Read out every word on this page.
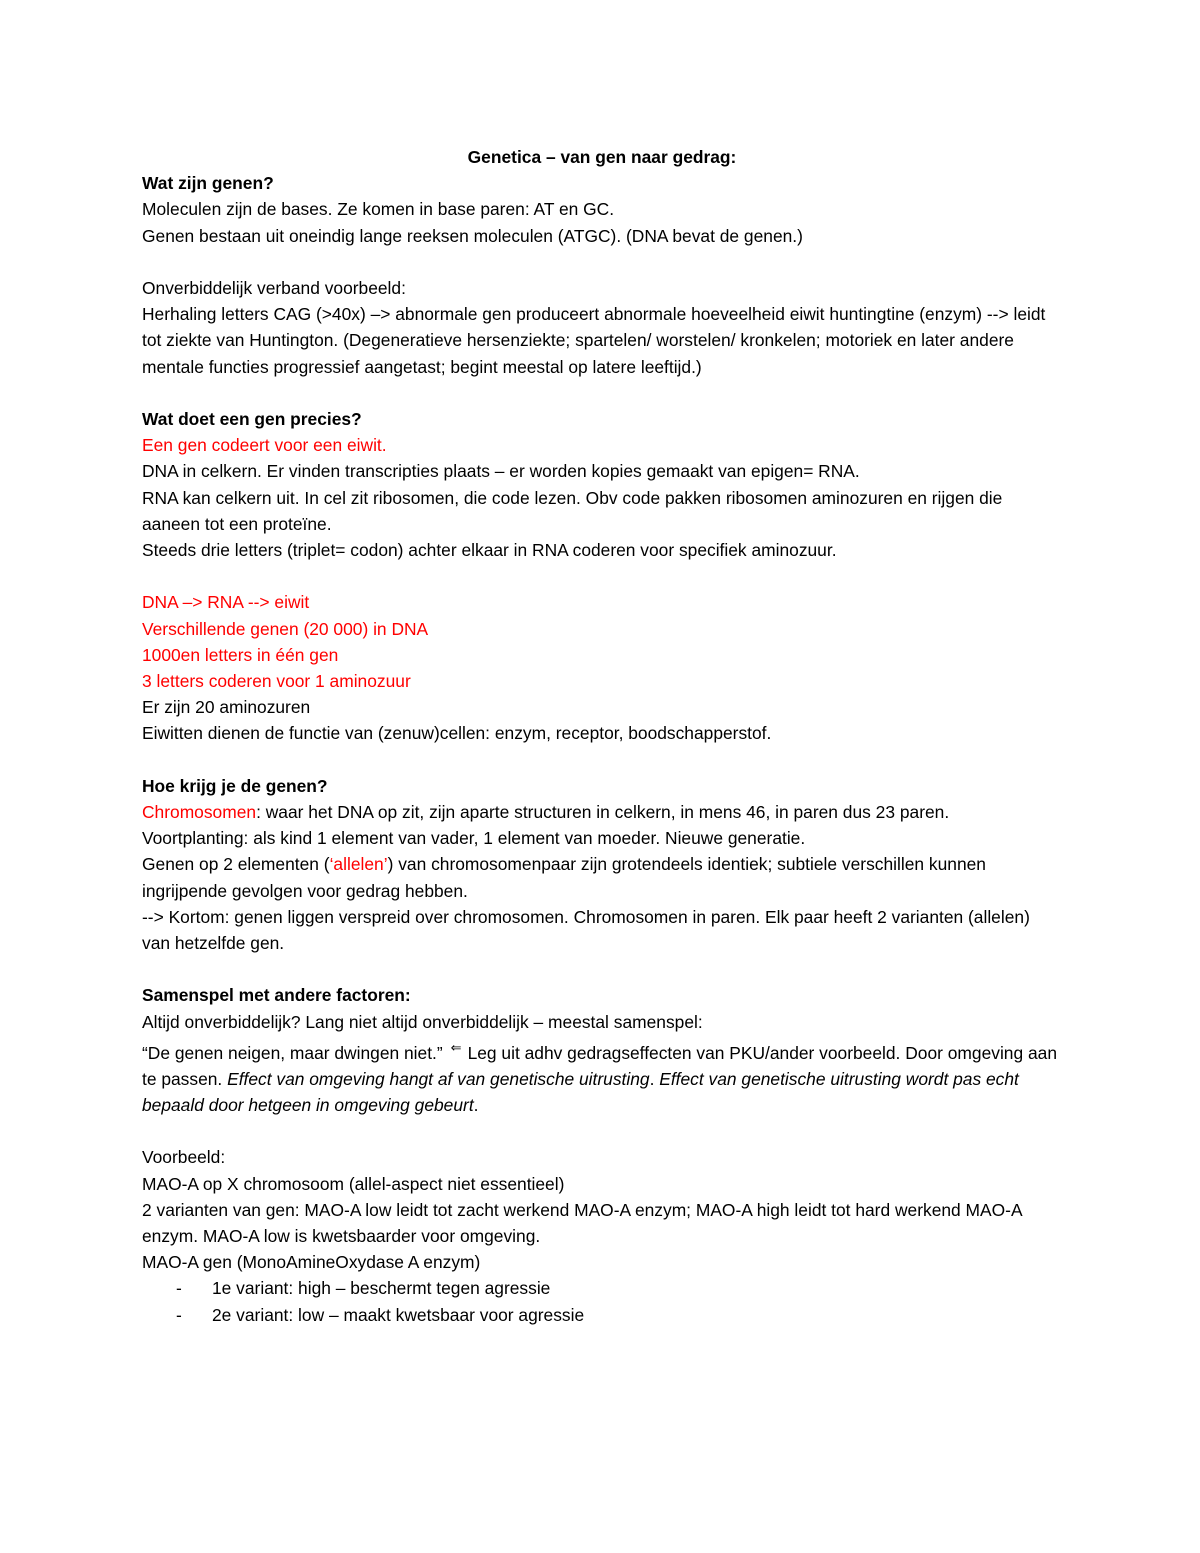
Genetica – van gen naar gedrag:

Wat zijn genen?

Moleculen zijn de bases. Ze komen in base paren: AT en GC.

Genen bestaan uit oneindig lange reeksen moleculen (ATGC). (DNA bevat de genen.)

Onverbiddelijk verband voorbeeld:

Herhaling letters CAG (>40x) –> abnormale gen produceert abnormale hoeveelheid eiwit huntingtine (enzym) --> leidt tot ziekte van Huntington. (Degeneratieve hersenziekte; spartelen/ worstelen/ kronkelen; motoriek en later andere mentale functies progressief aangetast; begint meestal op latere leeftijd.)

Wat doet een gen precies?

Een gen codeert voor een eiwit.

DNA in celkern. Er vinden transcripties plaats – er worden kopies gemaakt van epigen= RNA.

RNA kan celkern uit. In cel zit ribosomen, die code lezen. Obv code pakken ribosomen aminozuren en rijgen die aaneen tot een proteïne.

Steeds drie letters (triplet= codon) achter elkaar in RNA coderen voor specifiek aminozuur.

DNA –> RNA --> eiwit

Verschillende genen (20 000) in DNA

1000en letters in één gen

3 letters coderen voor 1 aminozuur

Er zijn 20 aminozuren

Eiwitten dienen de functie van (zenuw)cellen: enzym, receptor, boodschapperstof.

Hoe krijg je de genen?

Chromosomen: waar het DNA op zit, zijn aparte structuren in celkern, in mens 46, in paren dus 23 paren.

Voortplanting: als kind 1 element van vader, 1 element van moeder. Nieuwe generatie.

Genen op 2 elementen (‘allelen’) van chromosomenpaar zijn grotendeels identiek; subtiele verschillen kunnen ingrijpende gevolgen voor gedrag hebben.

--> Kortom: genen liggen verspreid over chromosomen. Chromosomen in paren. Elk paar heeft 2 varianten (allelen) van hetzelfde gen.

Samenspel met andere factoren:

Altijd onverbiddelijk? Lang niet altijd onverbiddelijk – meestal samenspel:

“De genen neigen, maar dwingen niet.” ⇐ Leg uit adhv gedragseffecten van PKU/ander voorbeeld. Door omgeving aan te passen. Effect van omgeving hangt af van genetische uitrusting. Effect van genetische uitrusting wordt pas echt bepaald door hetgeen in omgeving gebeurt.

Voorbeeld:

MAO-A op X chromosoom (allel-aspect niet essentieel)

2 varianten van gen: MAO-A low leidt tot zacht werkend MAO-A enzym; MAO-A high leidt tot hard werkend MAO-A enzym. MAO-A low is kwetsbaarder voor omgeving.

MAO-A gen (MonoAmineOxydase A enzym)

- 1e variant: high – beschermt tegen agressie
- 2e variant: low – maakt kwetsbaar voor agressie
